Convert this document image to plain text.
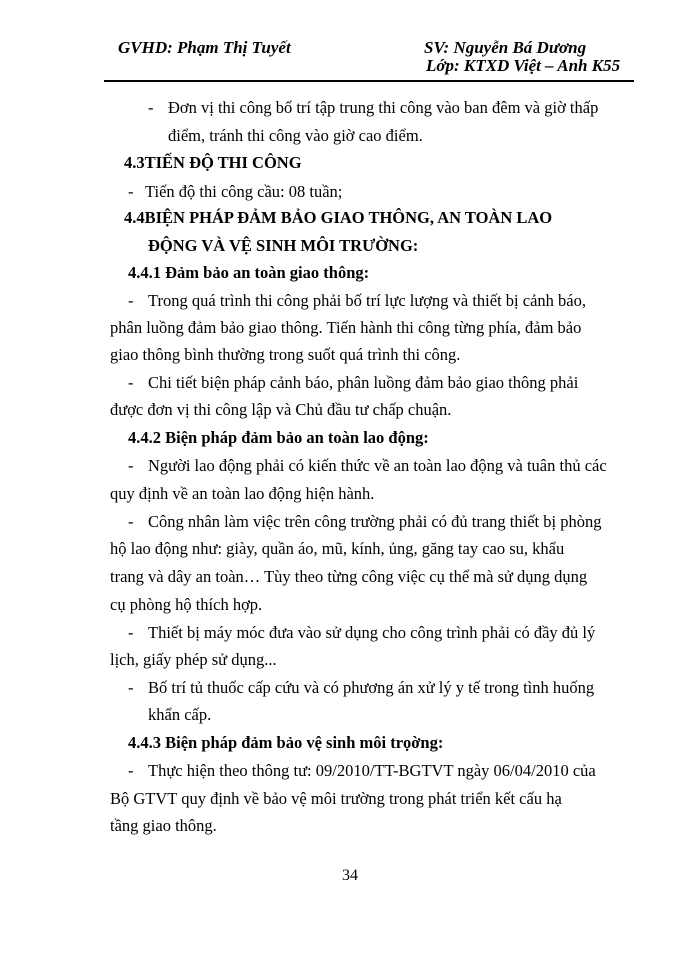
GVHD: Phạm Thị Tuyết	SV: Nguyễn Bá Dương
Lớp: KTXD Việt – Anh K55
- Đơn vị thi công bố trí tập trung thi công vào ban đêm và giờ thấp
điểm, tránh thi công vào giờ cao điểm.
4.3TIẾN ĐỘ THI CÔNG
- Tiến độ thi công cầu: 08 tuần;
4.4BIỆN PHÁP ĐẢM BẢO GIAO THÔNG, AN TOÀN LAO
ĐỘNG VÀ VỆ SINH MÔI TRƯỜNG:
4.4.1 Đảm bảo an toàn giao thông:
- Trong quá trình thi công phải bố trí lực lượng và thiết bị cảnh báo,
phân luồng đảm bảo giao thông. Tiến hành thi công từng phía, đảm bảo
giao thông bình thường trong suốt quá trình thi công.
- Chi tiết biện pháp cảnh báo, phân luồng đảm bảo giao thông phải
được đơn vị thi công lập và Chủ đầu tư chấp chuận.
4.4.2 Biện pháp đảm bảo an toàn lao động:
- Người lao động phải có kiến thức về an toàn lao động và tuân thủ các
quy định về an toàn lao động hiện hành.
- Công nhân làm việc trên công trường phải có đủ trang thiết bị phòng
hộ lao động như: giày, quần áo, mũ, kính, ủng, găng tay cao su, khẩu
trang và dây an toàn… Tùy theo từng công việc cụ thể mà sử dụng dụng
cụ phòng hộ thích hợp.
- Thiết bị máy móc đưa vào sử dụng cho công trình phải có đầy đủ lý
lịch, giấy phép sử dụng...
- Bố trí tủ thuốc cấp cứu và có phương án xử lý y tế trong tình huống
khẩn cấp.
4.4.3 Biện pháp đảm bảo vệ sinh môi trọờng:
- Thực hiện theo thông tư: 09/2010/TT-BGTVT ngày 06/04/2010 của
Bộ GTVT quy định về bảo vệ môi trường trong phát triển kết cấu hạ
tầng giao thông.
34
